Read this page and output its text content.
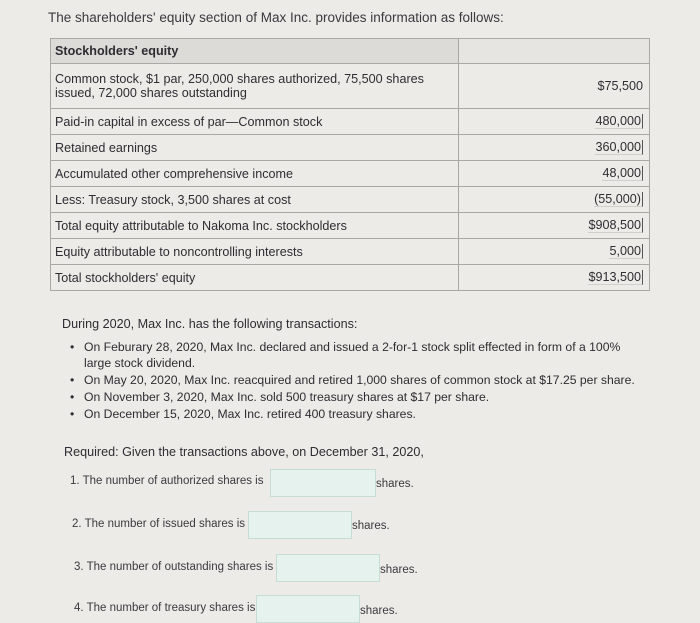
The shareholders' equity section of Max Inc. provides information as follows:
Stockholders' equity	
Common stock, $1 par, 250,000 shares authorized, 75,500 shares issued, 72,000 shares outstanding	$75,500
Paid-in capital in excess of par—Common stock	480,000
Retained earnings	360,000
Accumulated other comprehensive income	48,000
Less: Treasury stock, 3,500 shares at cost	(55,000)
Total equity attributable to Nakoma Inc. stockholders	$908,500
Equity attributable to noncontrolling interests	5,000
Total stockholders' equity	$913,500
During 2020, Max Inc. has the following transactions:
• On Feburary 28, 2020, Max Inc. declared and issued a 2-for-1 stock split effected in form of a 100% large stock dividend.
• On May 20, 2020, Max Inc. reacquired and retired 1,000 shares of common stock at $17.25 per share.
• On November 3, 2020, Max Inc. sold 500 treasury shares at $17 per share.
• On December 15, 2020, Max Inc. retired 400 treasury shares.
Required: Given the transactions above, on December 31, 2020,
1. The number of authorized shares is	shares.
2. The number of issued shares is	shares.
3. The number of outstanding shares is	shares.
4. The number of treasury shares is	shares.
